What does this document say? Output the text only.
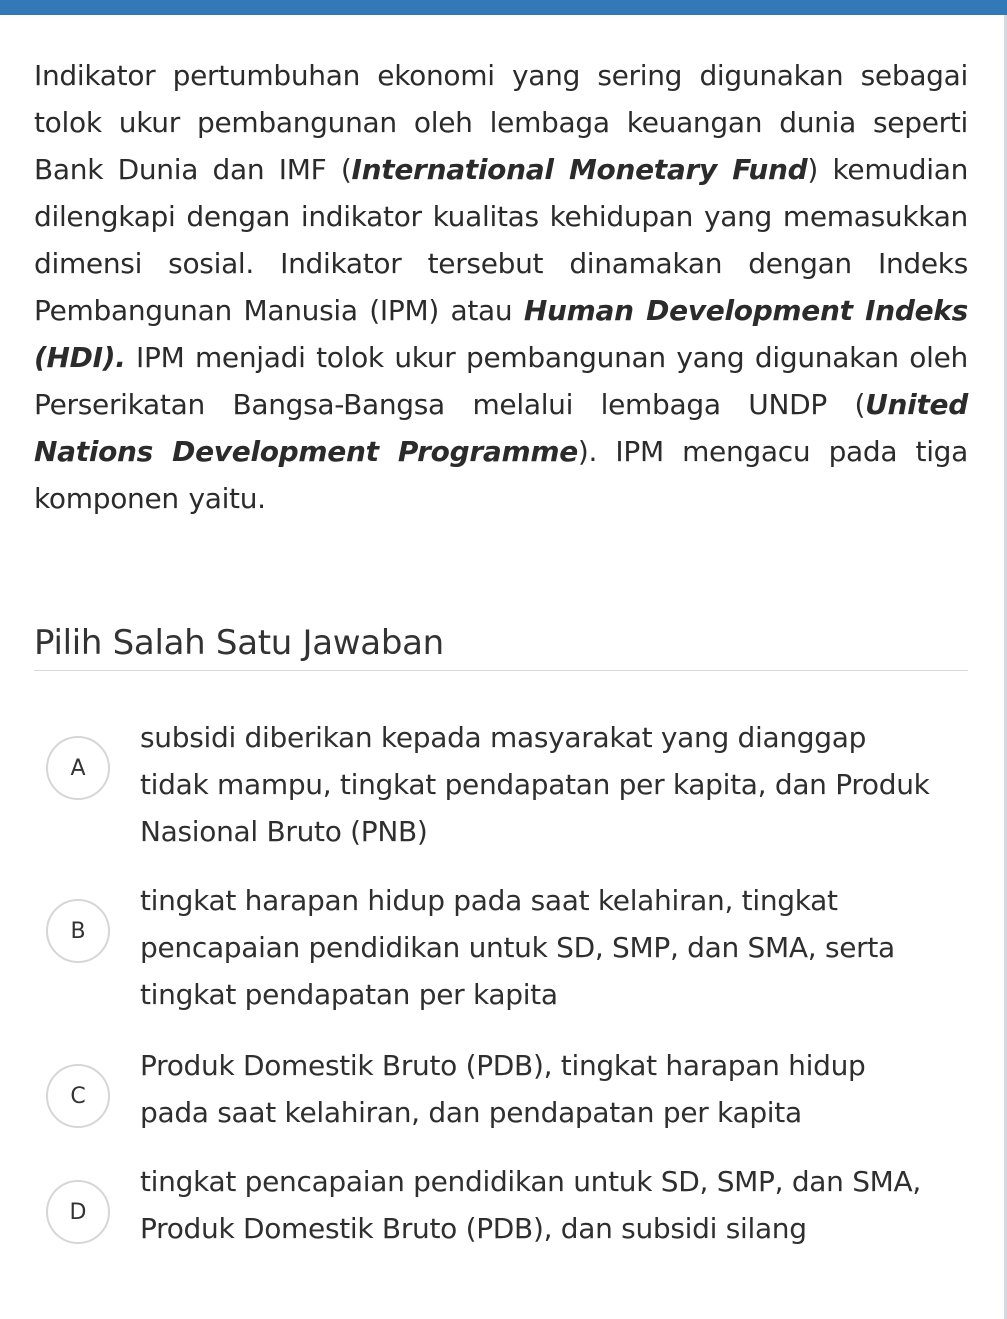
Indikator pertumbuhan ekonomi yang sering digunakan sebagai tolok ukur pembangunan oleh lembaga keuangan dunia seperti Bank Dunia dan IMF (International Monetary Fund) kemudian dilengkapi dengan indikator kualitas kehidupan yang memasukkan dimensi sosial. Indikator tersebut dinamakan dengan Indeks Pembangunan Manusia (IPM) atau Human Development Indeks (HDI). IPM menjadi tolok ukur pembangunan yang digunakan oleh Perserikatan Bangsa-Bangsa melalui lembaga UNDP (United Nations Development Programme). IPM mengacu pada tiga komponen yaitu.
Pilih Salah Satu Jawaban
A
subsidi diberikan kepada masyarakat yang dianggap tidak mampu, tingkat pendapatan per kapita, dan Produk Nasional Bruto (PNB)
B
tingkat harapan hidup pada saat kelahiran, tingkat pencapaian pendidikan untuk SD, SMP, dan SMA, serta tingkat pendapatan per kapita
C
Produk Domestik Bruto (PDB), tingkat harapan hidup pada saat kelahiran, dan pendapatan per kapita
D
tingkat pencapaian pendidikan untuk SD, SMP, dan SMA, Produk Domestik Bruto (PDB), dan subsidi silang
